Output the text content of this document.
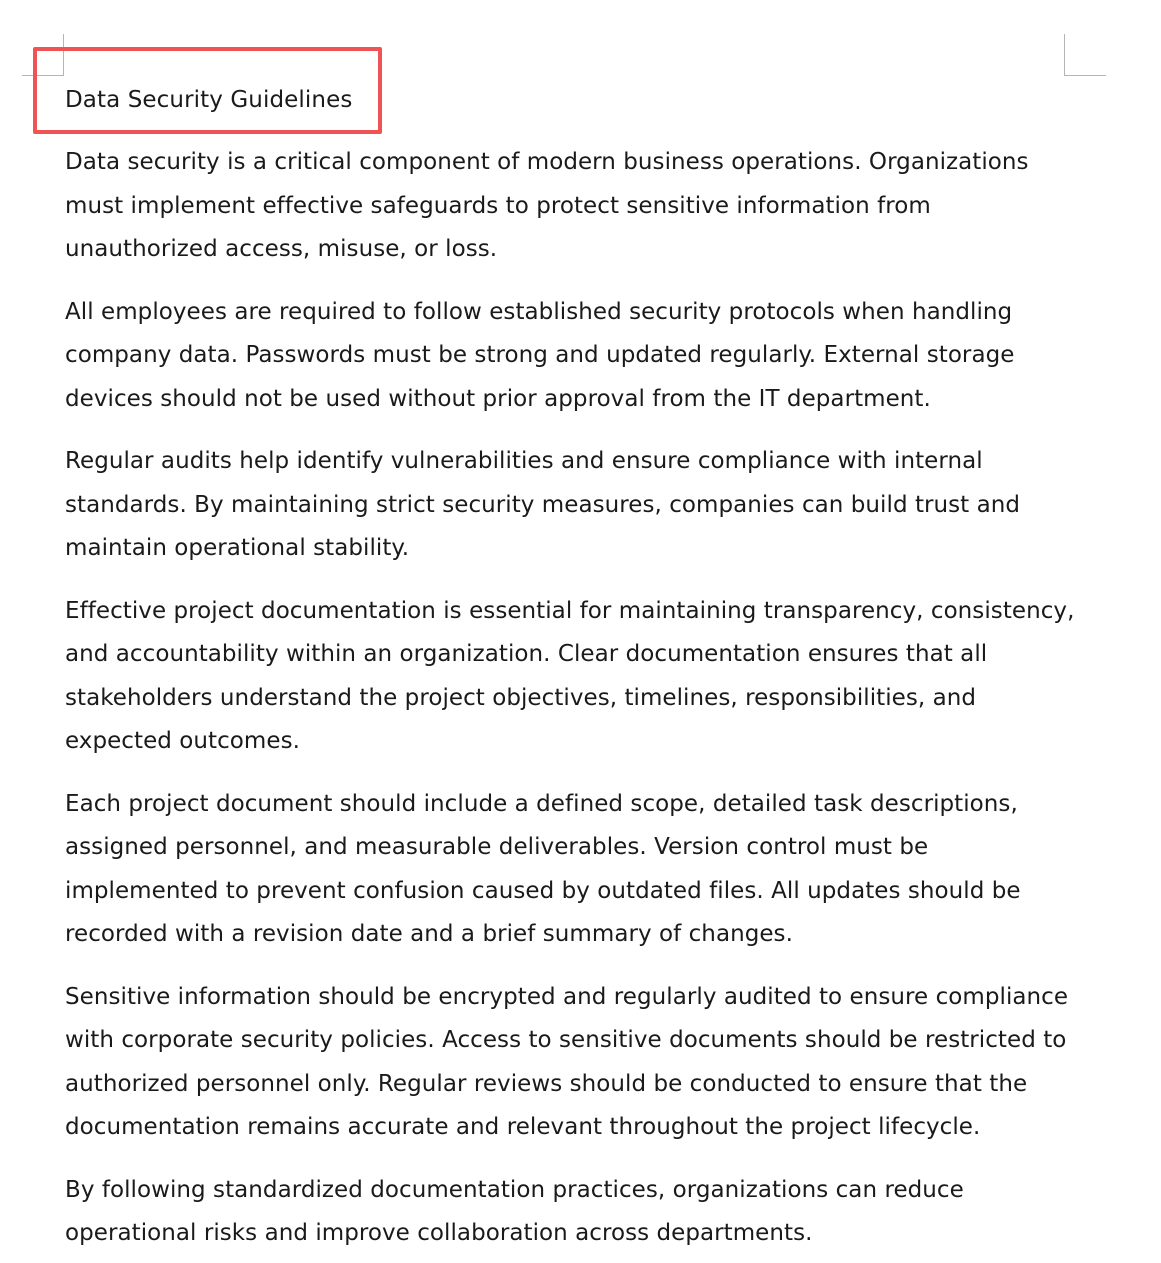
Data Security Guidelines

Data security is a critical component of modern business operations. Organizations must implement effective safeguards to protect sensitive information from unauthorized access, misuse, or loss.

All employees are required to follow established security protocols when handling company data. Passwords must be strong and updated regularly. External storage devices should not be used without prior approval from the IT department.

Regular audits help identify vulnerabilities and ensure compliance with internal standards. By maintaining strict security measures, companies can build trust and maintain operational stability.

Effective project documentation is essential for maintaining transparency, consistency, and accountability within an organization. Clear documentation ensures that all stakeholders understand the project objectives, timelines, responsibilities, and expected outcomes.

Each project document should include a defined scope, detailed task descriptions, assigned personnel, and measurable deliverables. Version control must be implemented to prevent confusion caused by outdated files. All updates should be recorded with a revision date and a brief summary of changes.

Sensitive information should be encrypted and regularly audited to ensure compliance with corporate security policies. Access to sensitive documents should be restricted to authorized personnel only. Regular reviews should be conducted to ensure that the documentation remains accurate and relevant throughout the project lifecycle.

By following standardized documentation practices, organizations can reduce operational risks and improve collaboration across departments.
